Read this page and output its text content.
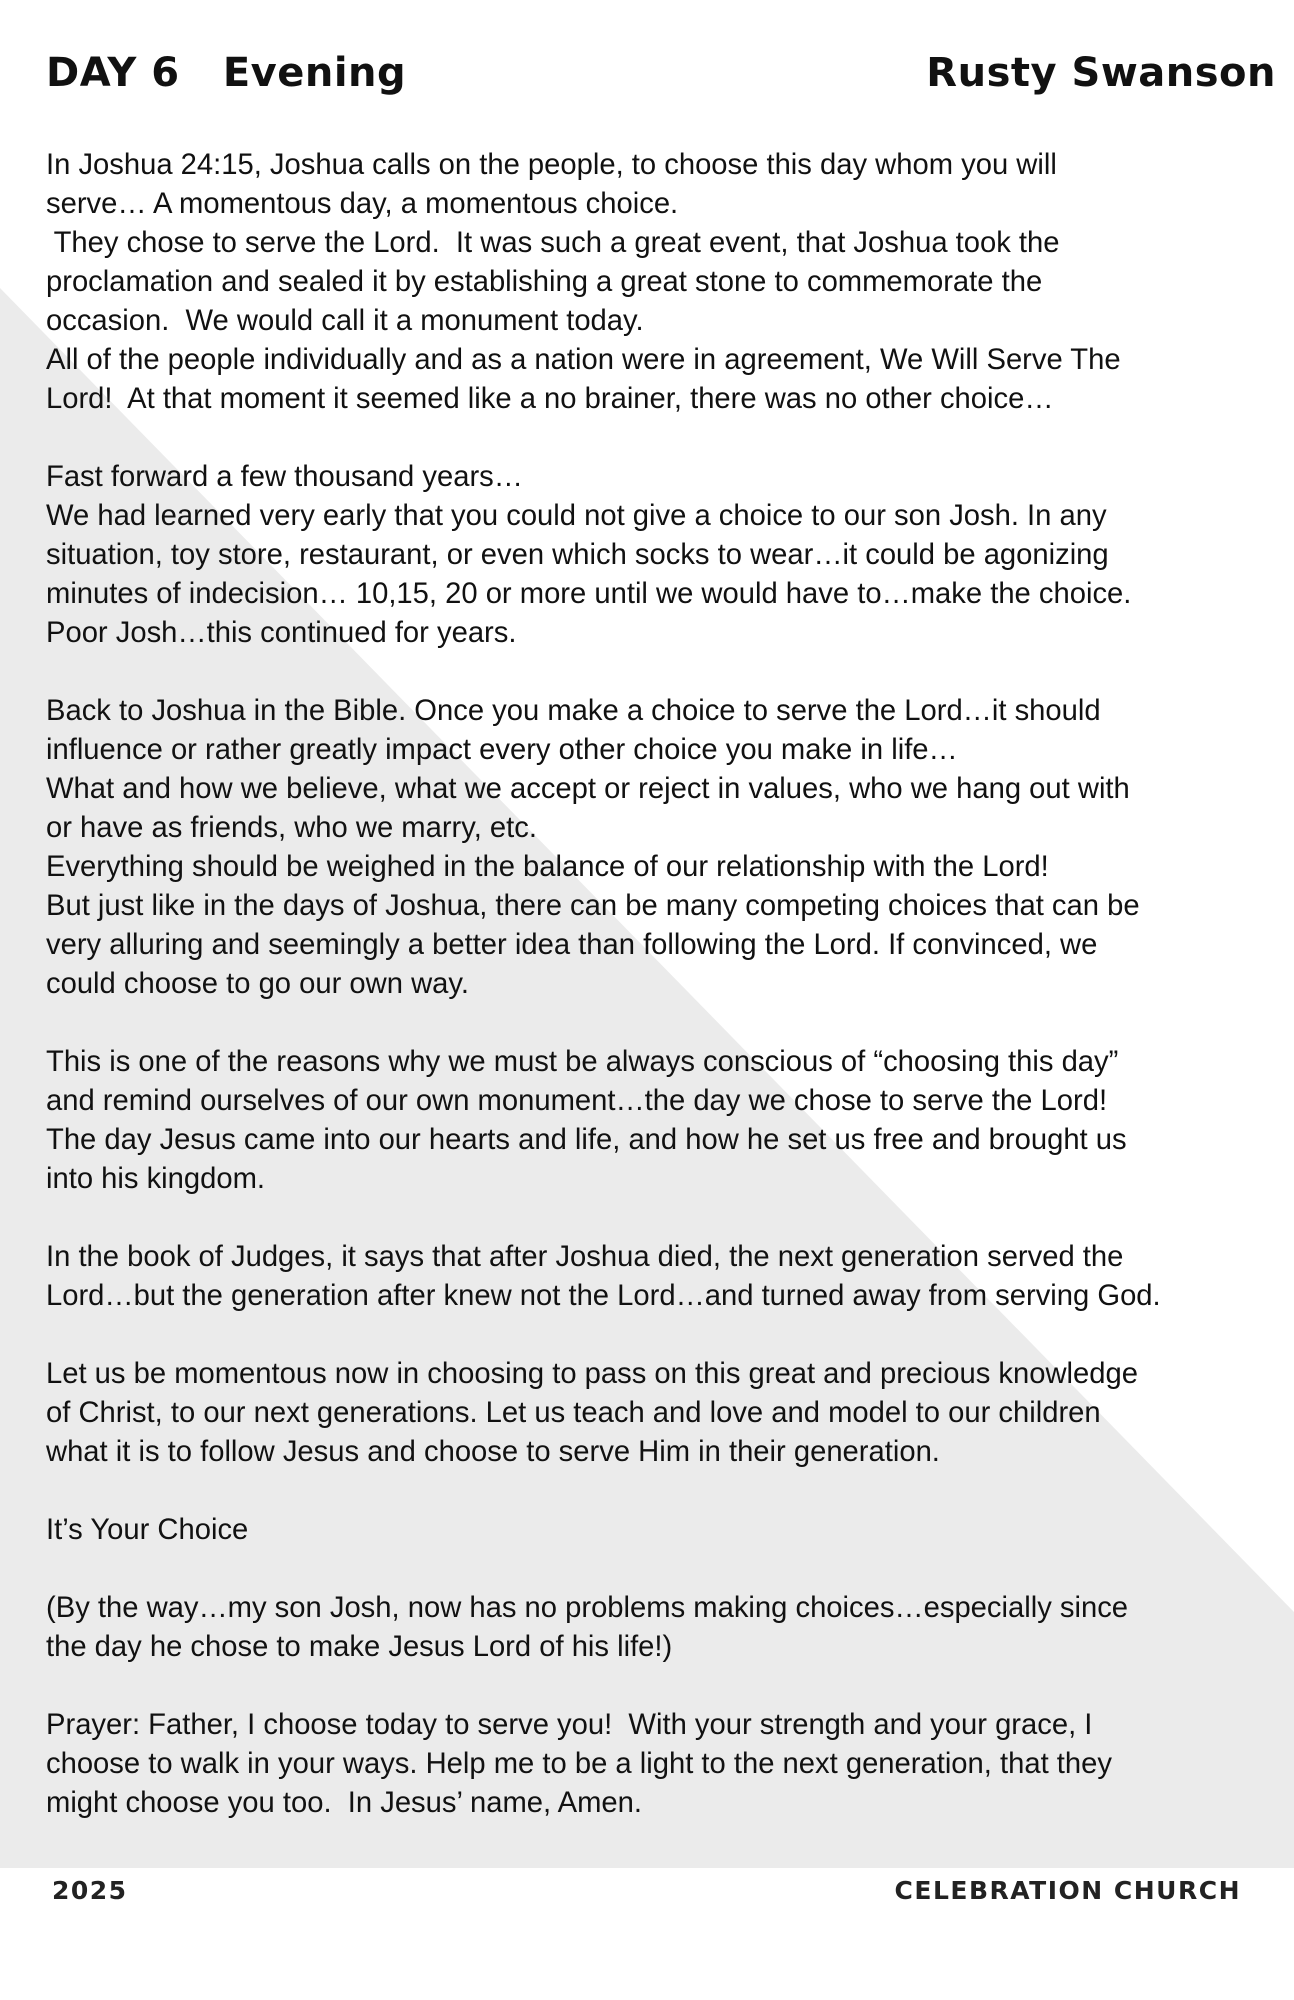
DAY 6   Evening	Rusty Swanson
In Joshua 24:15, Joshua calls on the people, to choose this day whom you will
serve… A momentous day, a momentous choice.
They chose to serve the Lord.  It was such a great event, that Joshua took the
proclamation and sealed it by establishing a great stone to commemorate the
occasion.  We would call it a monument today.
All of the people individually and as a nation were in agreement, We Will Serve The
Lord!  At that moment it seemed like a no brainer, there was no other choice…
Fast forward a few thousand years…
We had learned very early that you could not give a choice to our son Josh. In any
situation, toy store, restaurant, or even which socks to wear…it could be agonizing
minutes of indecision… 10,15, 20 or more until we would have to…make the choice.
Poor Josh…this continued for years.
Back to Joshua in the Bible. Once you make a choice to serve the Lord…it should
influence or rather greatly impact every other choice you make in life…
What and how we believe, what we accept or reject in values, who we hang out with
or have as friends, who we marry, etc.
Everything should be weighed in the balance of our relationship with the Lord!
But just like in the days of Joshua, there can be many competing choices that can be
very alluring and seemingly a better idea than following the Lord. If convinced, we
could choose to go our own way.
This is one of the reasons why we must be always conscious of “choosing this day”
and remind ourselves of our own monument…the day we chose to serve the Lord!
The day Jesus came into our hearts and life, and how he set us free and brought us
into his kingdom.
In the book of Judges, it says that after Joshua died, the next generation served the
Lord…but the generation after knew not the Lord…and turned away from serving God.
Let us be momentous now in choosing to pass on this great and precious knowledge
of Christ, to our next generations. Let us teach and love and model to our children
what it is to follow Jesus and choose to serve Him in their generation.
It’s Your Choice
(By the way…my son Josh, now has no problems making choices…especially since
the day he chose to make Jesus Lord of his life!)
Prayer: Father, I choose today to serve you!  With your strength and your grace, I
choose to walk in your ways. Help me to be a light to the next generation, that they
might choose you too.  In Jesus’ name, Amen.
2025	CELEBRATION CHURCH
